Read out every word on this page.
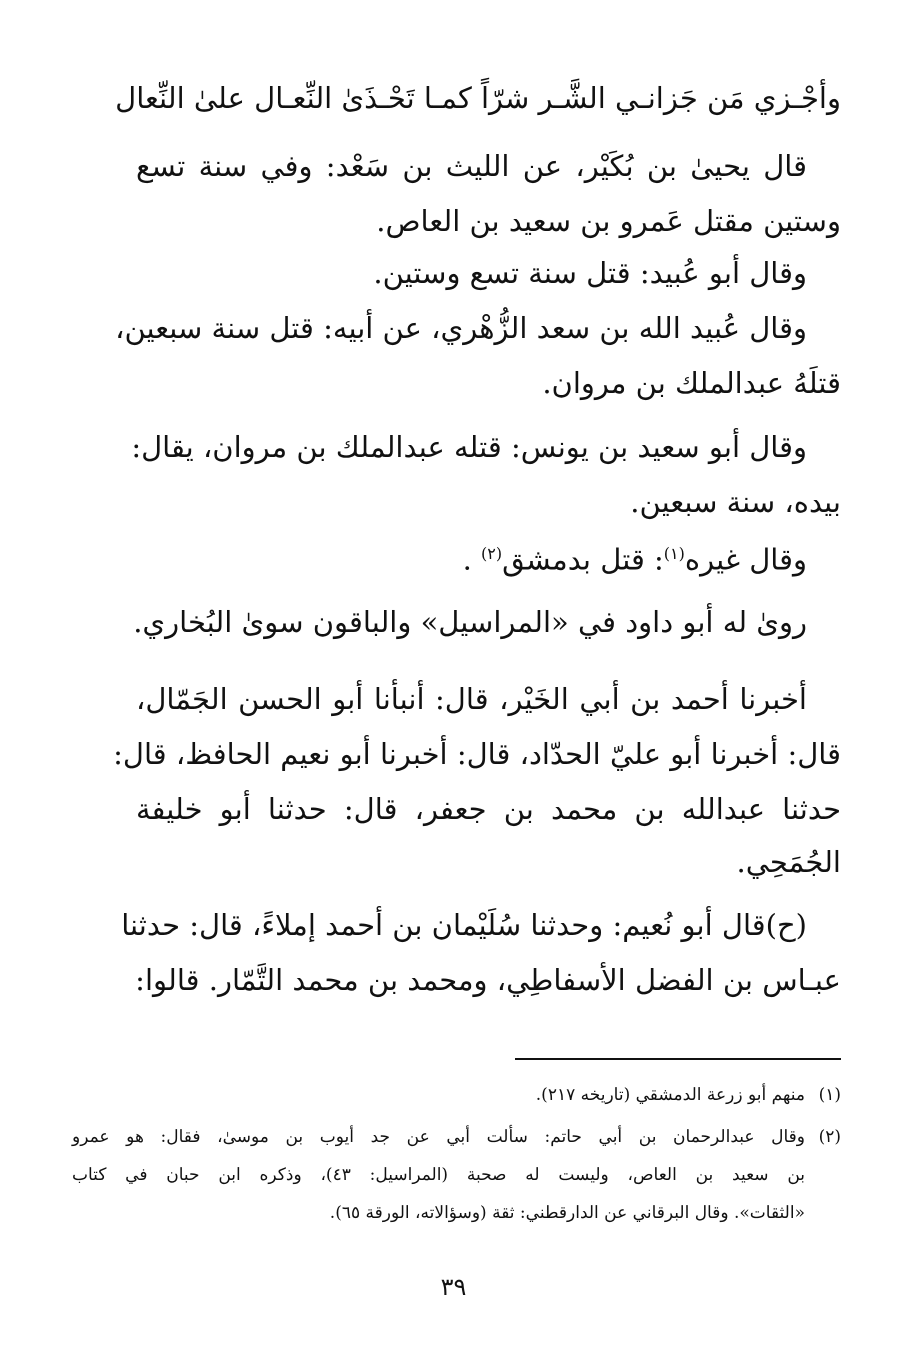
وأجْـزي مَن جَزانـي الشَّـر شرّاً كمـا تَحْـذَىٰ النِّعـال علىٰ النِّعال
قال يحيىٰ بن بُكَيْر، عن الليث بن سَعْد: وفي سنة تسع
وستين مقتل عَمرو بن سعيد بن العاص.
وقال أبو عُبيد: قتل سنة تسع وستين.
وقال عُبيد الله بن سعد الزُّهْري، عن أبيه: قتل سنة سبعين،
قتلَهُ عبدالملك بن مروان.
وقال أبو سعيد بن يونس: قتله عبدالملك بن مروان، يقال:
بيده، سنة سبعين.
وقال غيره$^{(١)}$: قتل بدمشق$^{(٢)}$ .
روىٰ له أبو داود في «المراسيل» والباقون سوىٰ البُخاري.
أخبرنا أحمد بن أبي الخَيْر، قال: أنبأنا أبو الحسن الجَمّال،
قال: أخبرنا أبو عليّ الحدّاد، قال: أخبرنا أبو نعيم الحافظ، قال:
حدثنا عبدالله بن محمد بن جعفر، قال: حدثنا أبو خليفة
الجُمَحِي.
(ح)قال أبو نُعيم: وحدثنا سُلَيْمان بن أحمد إملاءً، قال: حدثنا
عبـاس بن الفضل الأسفاطِي، ومحمد بن محمد التَّمّار. قالوا:
(١)منهم أبو زرعة الدمشقي (تاريخه ٢١٧).
(٢)وقال عبدالرحمان بن أبي حاتم: سألت أبي عن جد أيوب بن موسىٰ، فقال: هو عمرو
بن سعيد بن العاص، وليست له صحبة (المراسيل: ٤٣)، وذكره ابن حبان في كتاب
«الثقات». وقال البرقاني عن الدارقطني: ثقة (وسؤالاته، الورقة ٦٥).
٣٩
